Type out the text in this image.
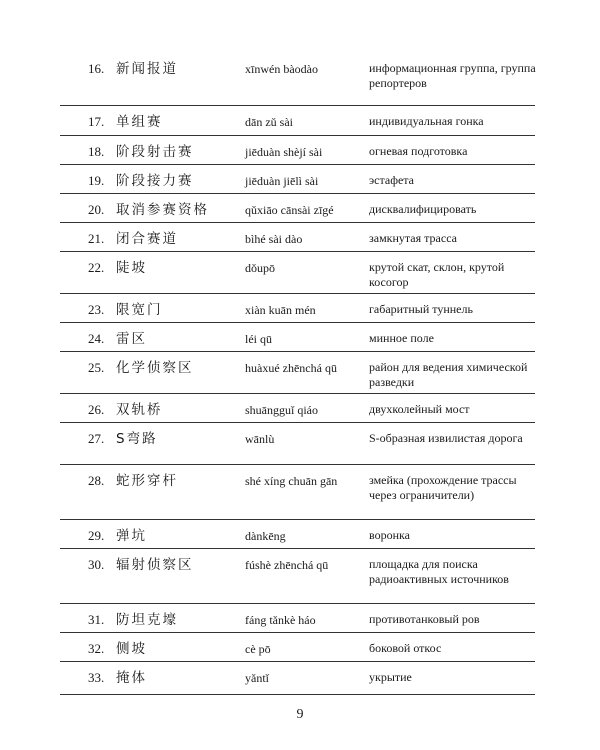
16. 新闻报道	xīnwén bàodào	информационная группа, группа репортеров
17. 单组赛	dān zǔ sài	индивидуальная гонка
18. 阶段射击赛	jiēduàn shèjí sài	огневая подготовка
19. 阶段接力赛	jiēduàn jiēlì sài	эстафета
20. 取消参赛资格	qǔxiāo cānsài zīgé	дисквалифицировать
21. 闭合赛道	bìhé sài dào	замкнутая трасса
22. 陡坡	dǒupō	крутой скат, склон, крутой косогор
23. 限宽门	xiàn kuān mén	габаритный туннель
24. 雷区	léi qū	минное поле
25. 化学侦察区	huàxué zhēnchá qū	район для ведения химической разведки
26. 双轨桥	shuāngguǐ qiáo	двухколейный мост
27. S弯路	wānlù	S-образная извилистая дорога
28. 蛇形穿杆	shé xíng chuān gān	змейка (прохождение трассы через ограничители)
29. 弹坑	dànkēng	воронка
30. 辐射侦察区	fúshè zhēnchá qū	площадка для поиска радиоактивных источников
31. 防坦克壕	fáng tǎnkè háo	противотанковый ров
32. 侧坡	cè pō	боковой откос
33. 掩体	yǎntǐ	укрытие
9
